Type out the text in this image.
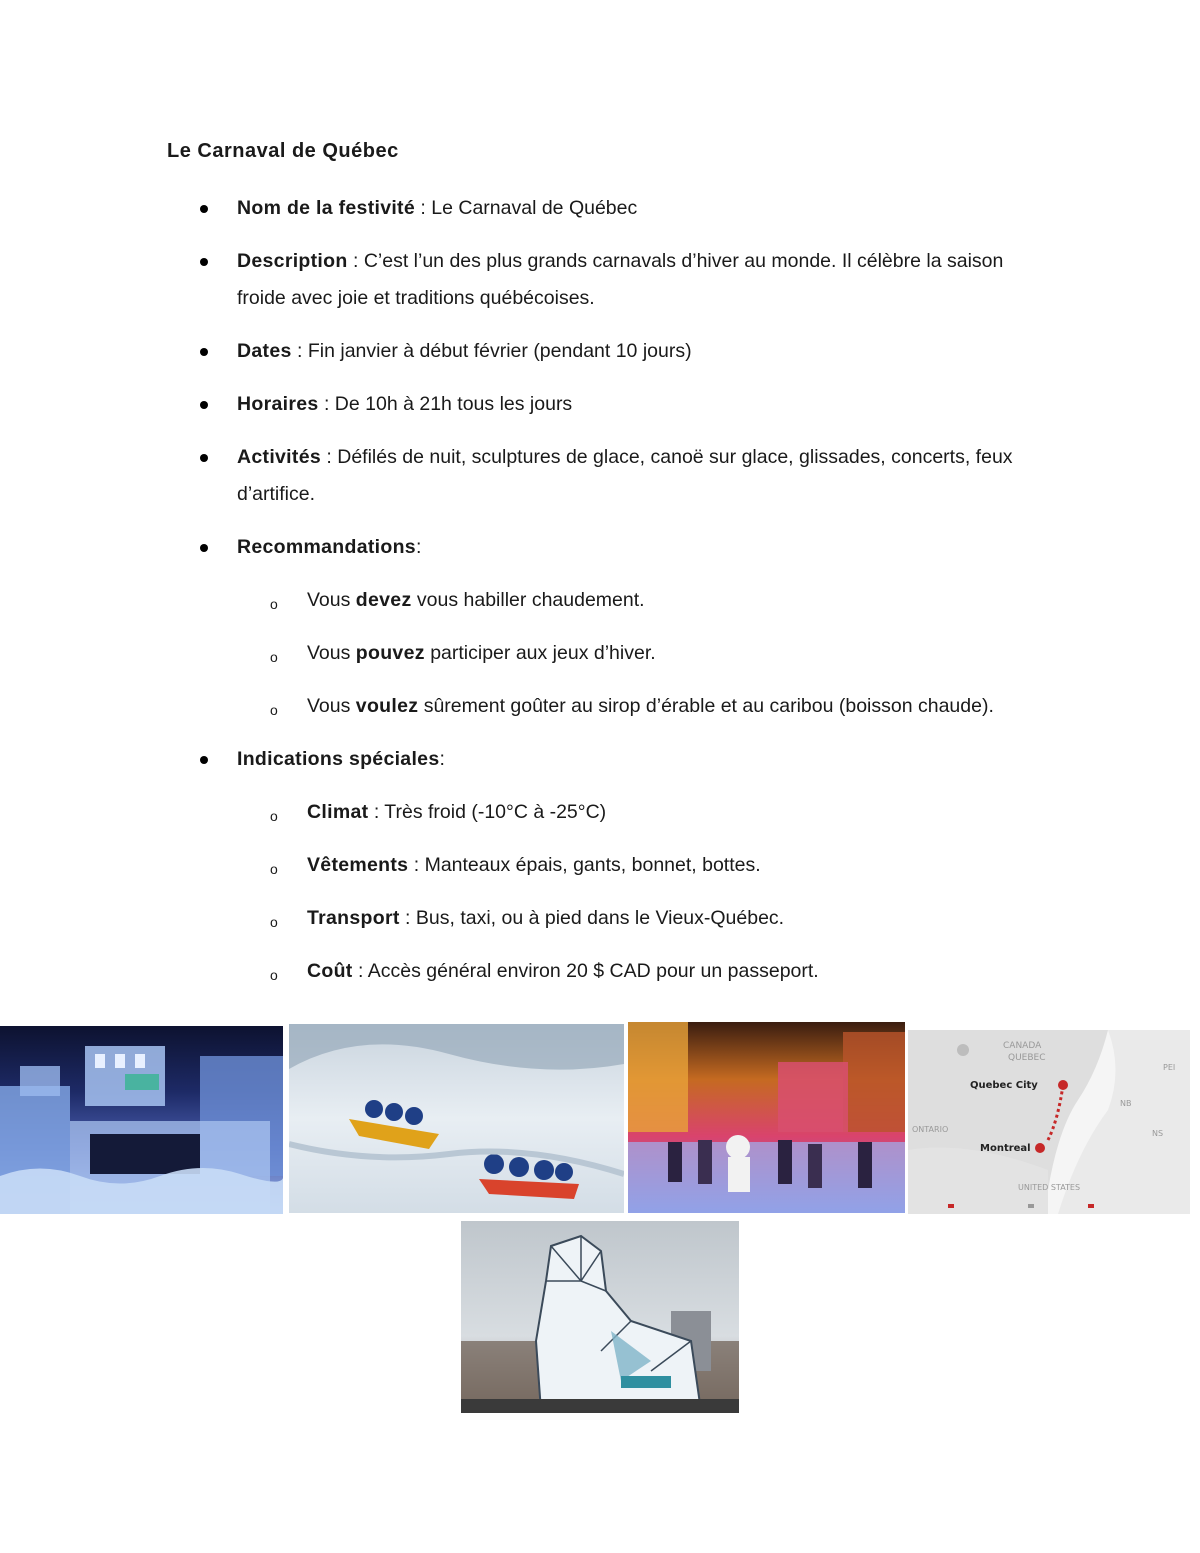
Le Carnaval de Québec
Nom de la festivité : Le Carnaval de Québec
Description : C’est l’un des plus grands carnavals d’hiver au monde. Il célèbre la saison froide avec joie et traditions québécoises.
Dates : Fin janvier à début février (pendant 10 jours)
Horaires : De 10h à 21h tous les jours
Activités : Défilés de nuit, sculptures de glace, canoë sur glace, glissades, concerts, feux d’artifice.
Recommandations:
o Vous devez vous habiller chaudement.
o Vous pouvez participer aux jeux d’hiver.
o Vous voulez sûrement goûter au sirop d’érable et au caribou (boisson chaude).
Indications spéciales:
o Climat : Très froid (-10°C à -25°C)
o Vêtements : Manteaux épais, gants, bonnet, bottes.
o Transport : Bus, taxi, ou à pied dans le Vieux-Québec.
o Coût : Accès général environ 20 $ CAD pour un passeport.
CANADA
QUEBEC
Quebec City
Montreal
ONTARIO
UNITED STATES
NB
NS
PEI
